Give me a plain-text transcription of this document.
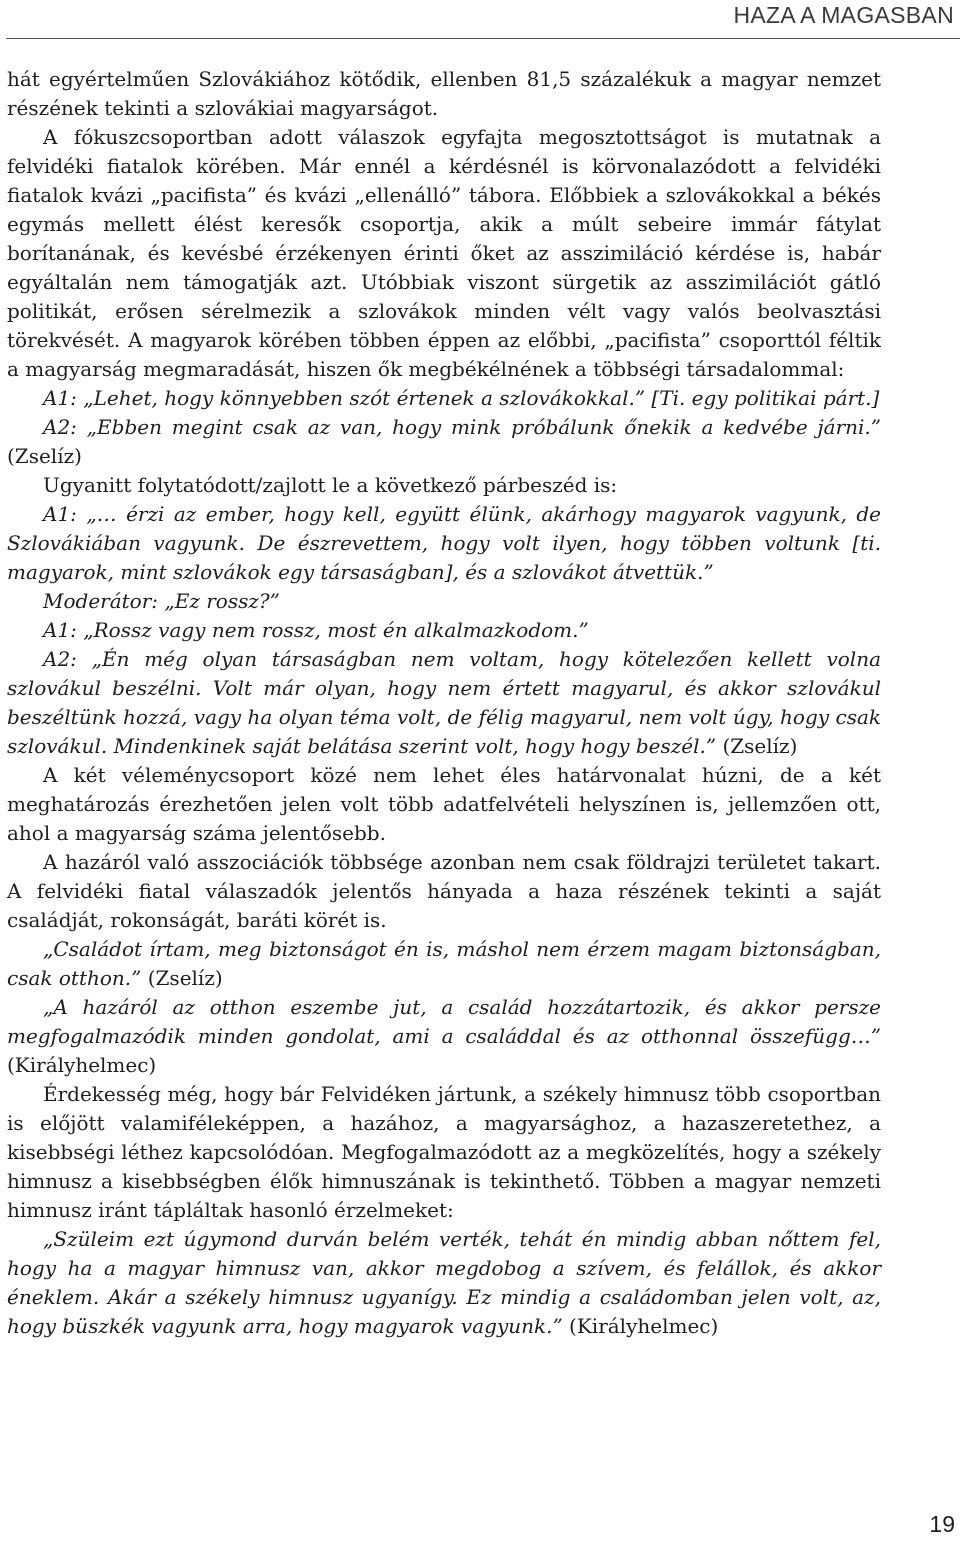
HAZA A MAGASBAN

hát egyértelműen Szlovákiához kötődik, ellenben 81,5 százalékuk a magyar nemzet részének tekinti a szlovákiai magyarságot.

A fókuszcsoportban adott válaszok egyfajta megosztottságot is mutatnak a felvidéki fiatalok körében. Már ennél a kérdésnél is körvonalazódott a felvidéki fiatalok kvázi „pacifista” és kvázi „ellenálló” tábora. Előbbiek a szlovákokkal a békés egymás mellett élést keresők csoportja, akik a múlt sebeire immár fátylat borítanának, és kevésbé érzékenyen érinti őket az asszimiláció kérdése is, habár egyáltalán nem támogatják azt. Utóbbiak viszont sürgetik az asszimilációt gátló politikát, erősen sérelmezik a szlovákok minden vélt vagy valós beolvasztási törekvését. A magyarok körében többen éppen az előbbi, „pacifista” csoporttól féltik a magyarság megmaradását, hiszen ők megbékélnének a többségi társadalommal:

A1: „Lehet, hogy könnyebben szót értenek a szlovákokkal.” [Ti. egy politikai párt.]

A2: „Ebben megint csak az van, hogy mink próbálunk őnekik a kedvébe járni.” (Zselíz)

Ugyanitt folytatódott/zajlott le a következő párbeszéd is:

A1: „… érzi az ember, hogy kell, együtt élünk, akárhogy magyarok vagyunk, de Szlovákiában vagyunk. De észrevettem, hogy volt ilyen, hogy többen voltunk [ti. magyarok, mint szlovákok egy társaságban], és a szlovákot átvettük.”

Moderátor: „Ez rossz?”

A1: „Rossz vagy nem rossz, most én alkalmazkodom.”

A2: „Én még olyan társaságban nem voltam, hogy kötelezően kellett volna szlovákul beszélni. Volt már olyan, hogy nem értett magyarul, és akkor szlovákul beszéltünk hozzá, vagy ha olyan téma volt, de félig magyarul, nem volt úgy, hogy csak szlovákul. Mindenkinek saját belátása szerint volt, hogy hogy beszél.” (Zselíz)

A két véleménycsoport közé nem lehet éles határvonalat húzni, de a két meghatározás érezhetően jelen volt több adatfelvételi helyszínen is, jellemzően ott, ahol a magyarság száma jelentősebb.

A hazáról való asszociációk többsége azonban nem csak földrajzi területet takart. A felvidéki fiatal válaszadók jelentős hányada a haza részének tekinti a saját családját, rokonságát, baráti körét is.

„Családot írtam, meg biztonságot én is, máshol nem érzem magam biztonságban, csak otthon.” (Zselíz)

„A hazáról az otthon eszembe jut, a család hozzátartozik, és akkor persze megfogalmazódik minden gondolat, ami a családdal és az otthonnal összefügg…” (Királyhelmec)

Érdekesség még, hogy bár Felvidéken jártunk, a székely himnusz több csoportban is előjött valamiféleképpen, a hazához, a magyarsághoz, a hazaszeretethez, a kisebbségi léthez kapcsolódóan. Megfogalmazódott az a megközelítés, hogy a székely himnusz a kisebbségben élők himnuszának is tekinthető. Többen a magyar nemzeti himnusz iránt tápláltak hasonló érzelmeket:

„Szüleim ezt úgymond durván belém verték, tehát én mindig abban nőttem fel, hogy ha a magyar himnusz van, akkor megdobog a szívem, és felállok, és akkor éneklem. Akár a székely himnusz ugyanígy. Ez mindig a családomban jelen volt, az, hogy büszkék vagyunk arra, hogy magyarok vagyunk.” (Királyhelmec)

19
